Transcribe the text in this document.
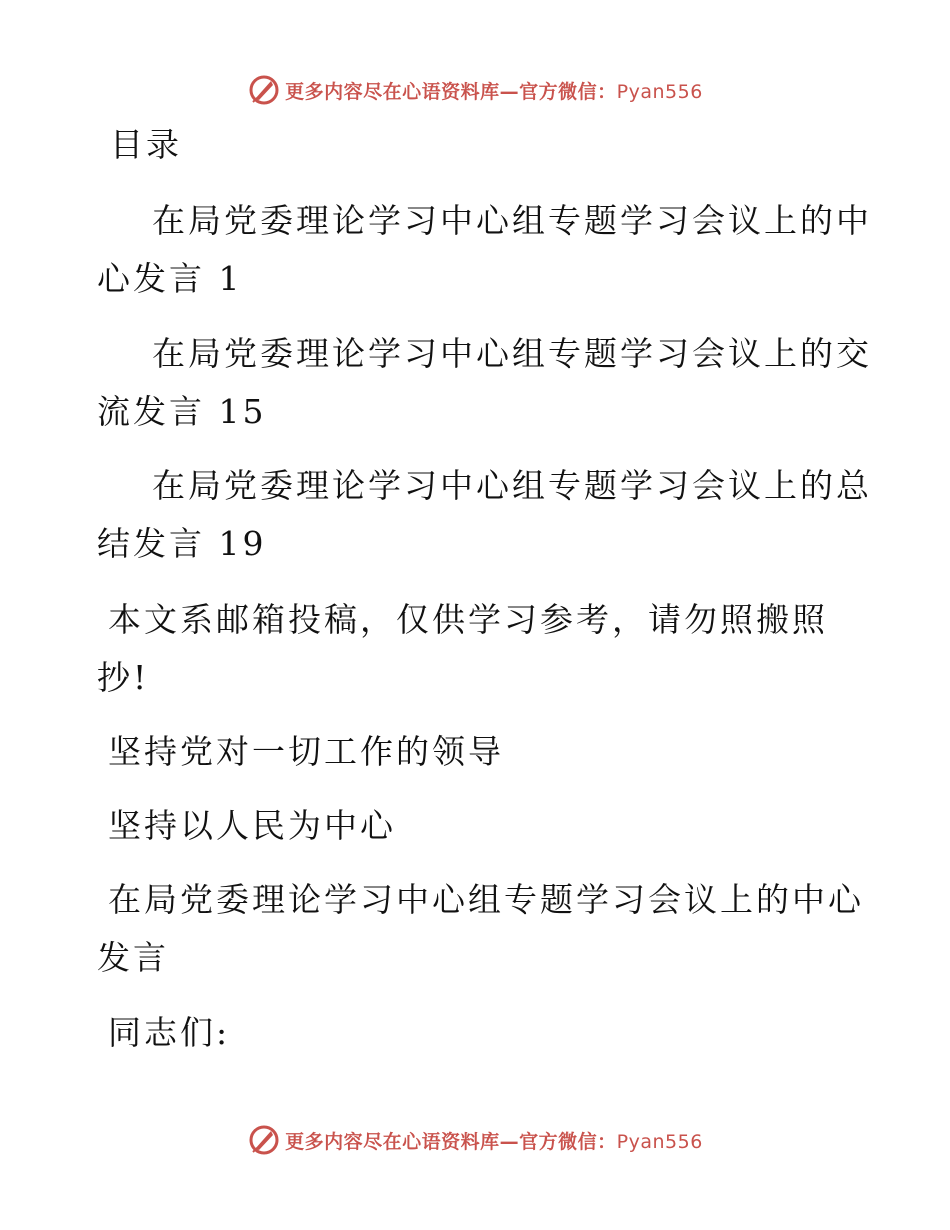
更多内容尽在心语资料库—官方微信：Pyan556
目录
在局党委理论学习中心组专题学习会议上的中
心发言 1
在局党委理论学习中心组专题学习会议上的交
流发言 15
在局党委理论学习中心组专题学习会议上的总
结发言 19
本文系邮箱投稿，仅供学习参考，请勿照搬照
抄!
坚持党对一切工作的领导
坚持以人民为中心
在局党委理论学习中心组专题学习会议上的中心
发言
同志们:
更多内容尽在心语资料库—官方微信：Pyan556
